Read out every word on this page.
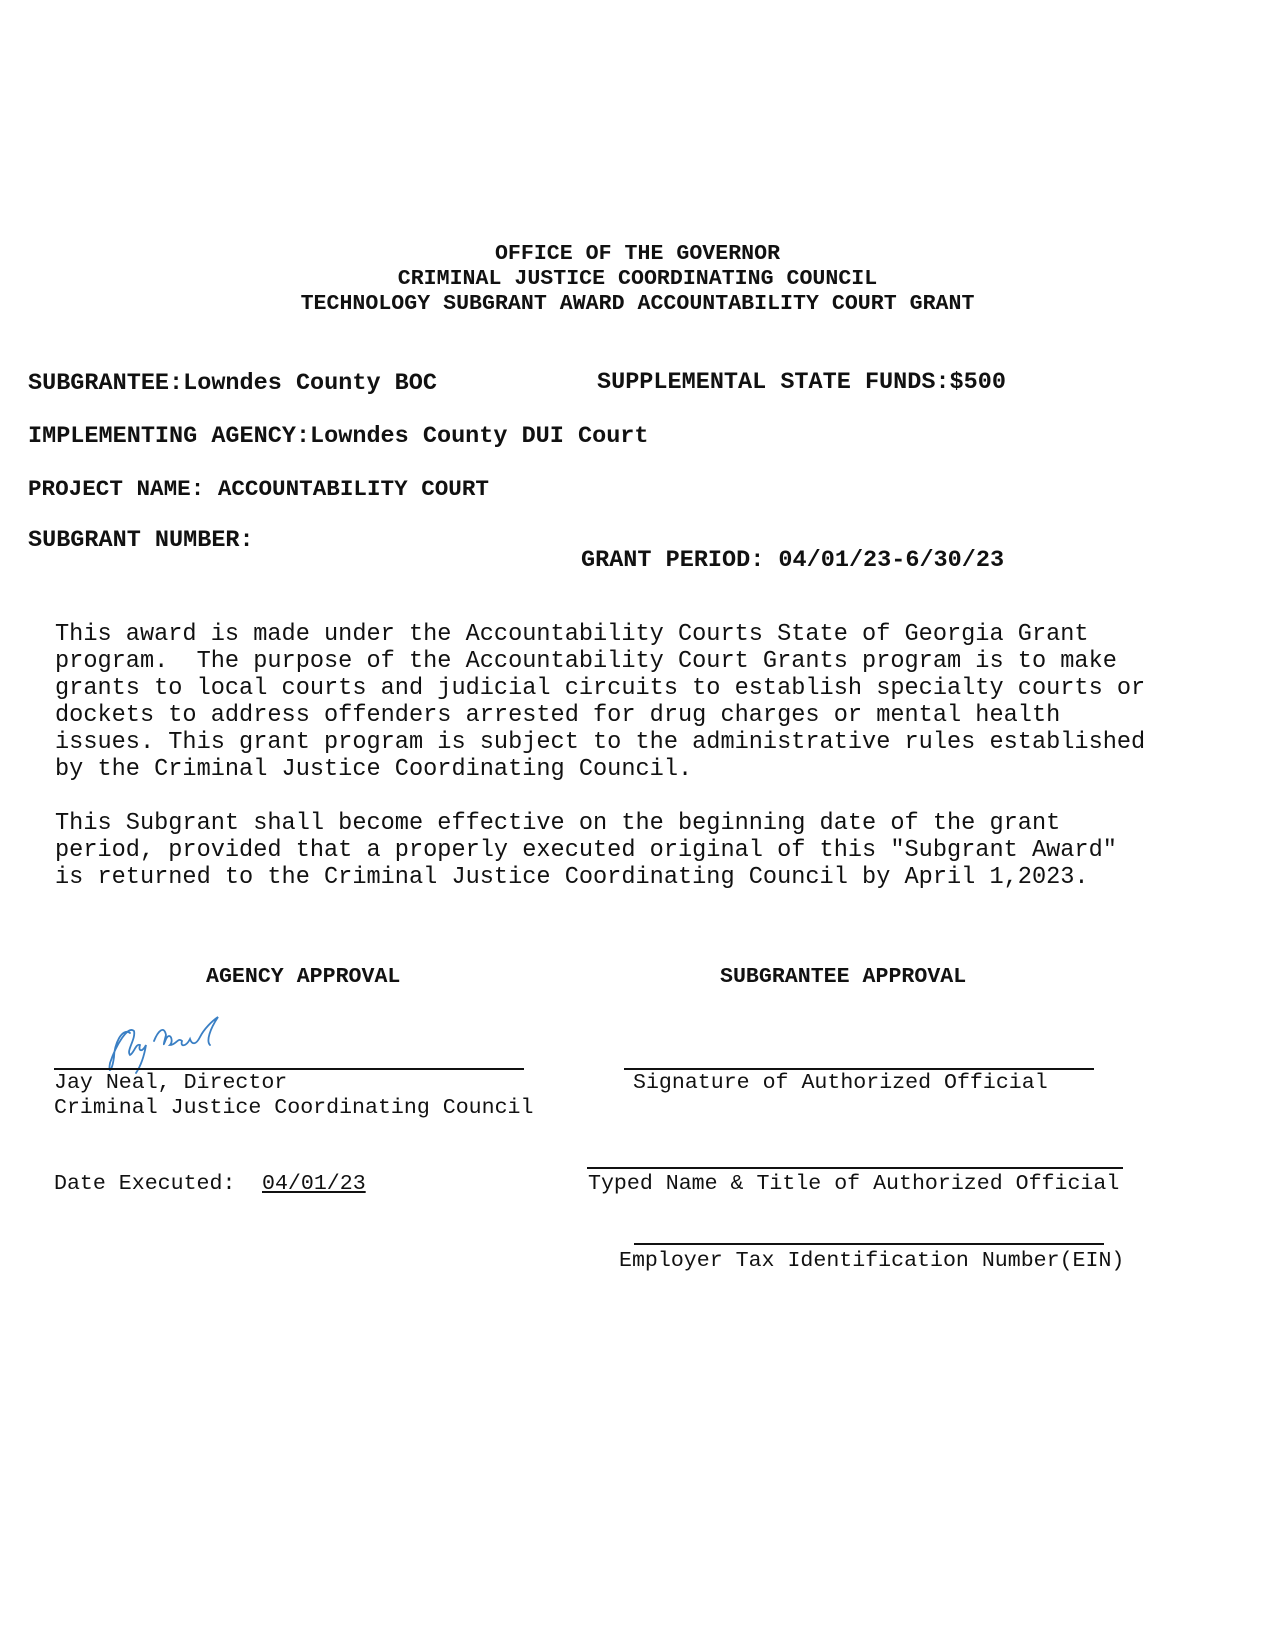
OFFICE OF THE GOVERNOR
CRIMINAL JUSTICE COORDINATING COUNCIL
TECHNOLOGY SUBGRANT AWARD ACCOUNTABILITY COURT GRANT
SUBGRANTEE:Lowndes County BOC	SUPPLEMENTAL STATE FUNDS:$500
IMPLEMENTING AGENCY:Lowndes County DUI Court
PROJECT NAME: ACCOUNTABILITY COURT
SUBGRANT NUMBER:
GRANT PERIOD: 04/01/23-6/30/23
This award is made under the Accountability Courts State of Georgia Grant
program.  The purpose of the Accountability Court Grants program is to make
grants to local courts and judicial circuits to establish specialty courts or
dockets to address offenders arrested for drug charges or mental health
issues. This grant program is subject to the administrative rules established
by the Criminal Justice Coordinating Council.
This Subgrant shall become effective on the beginning date of the grant
period, provided that a properly executed original of this "Subgrant Award"
is returned to the Criminal Justice Coordinating Council by April 1,2023.
AGENCY APPROVAL	SUBGRANTEE APPROVAL
Jay Neal, Director
Criminal Justice Coordinating Council
Signature of Authorized Official
Date Executed: 04/01/23	Typed Name & Title of Authorized Official
Employer Tax Identification Number(EIN)
